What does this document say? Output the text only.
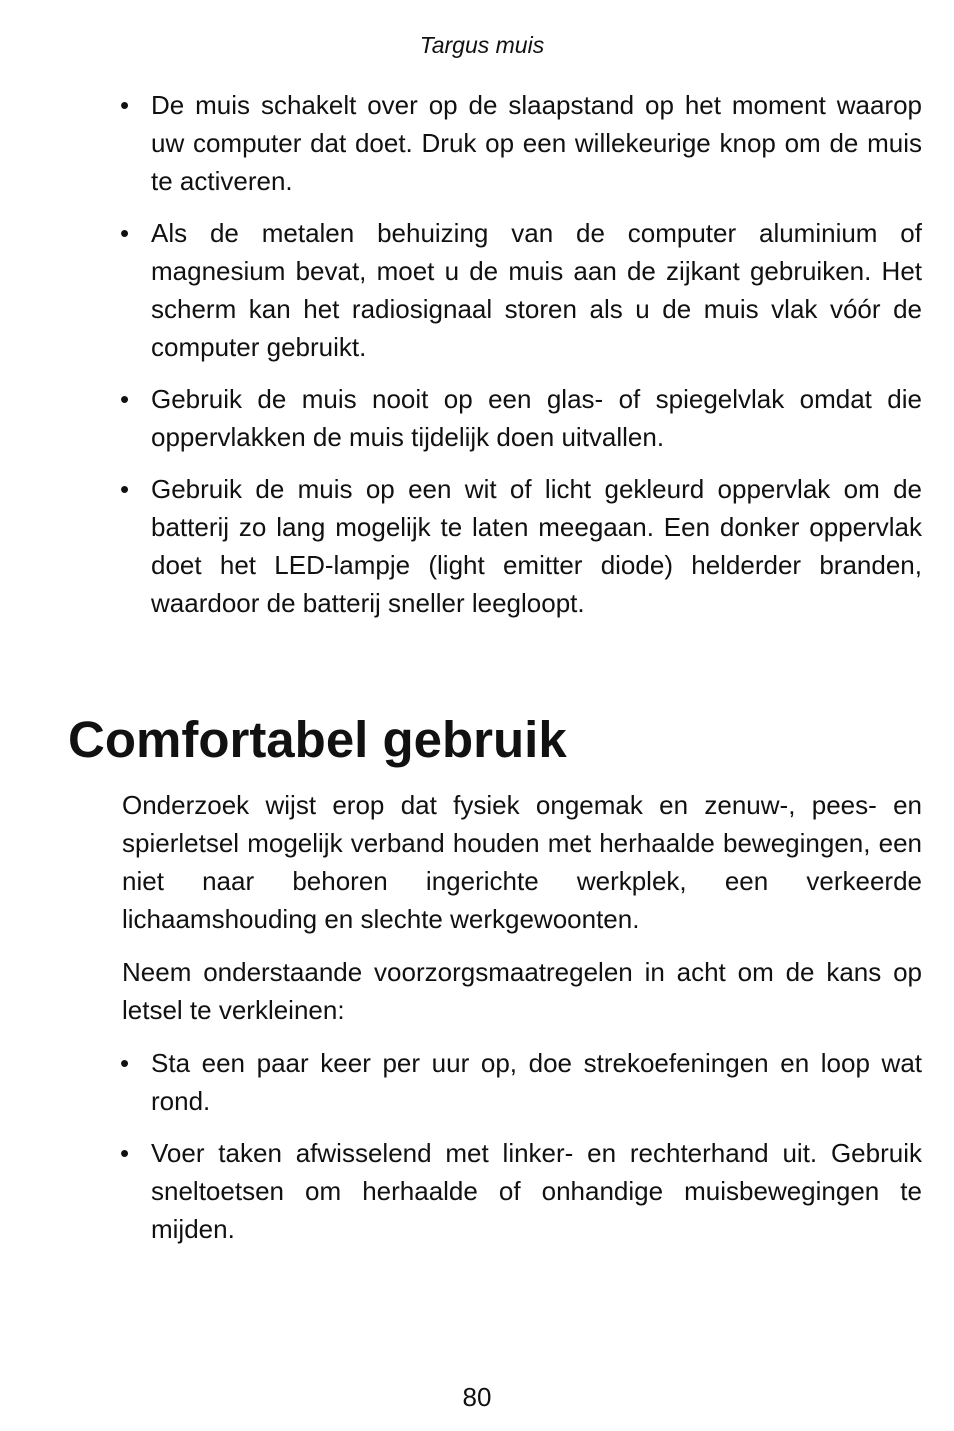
Targus muis
• De muis schakelt over op de slaapstand op het moment waarop uw computer dat doet. Druk op een willekeurige knop om de muis te activeren.
• Als de metalen behuizing van de computer aluminium of magnesium bevat, moet u de muis aan de zijkant gebruiken. Het scherm kan het radiosignaal storen als u de muis vlak vóór de computer gebruikt.
• Gebruik de muis nooit op een glas- of spiegelvlak omdat die oppervlakken de muis tijdelijk doen uitvallen.
• Gebruik de muis op een wit of licht gekleurd oppervlak om de batterij zo lang mogelijk te laten meegaan. Een donker oppervlak doet het LED-lampje (light emitter diode) helderder branden, waardoor de batterij sneller leegloopt.
Comfortabel gebruik

Onderzoek wijst erop dat fysiek ongemak en zenuw-, pees- en spierletsel mogelijk verband houden met herhaalde bewegingen, een niet naar behoren ingerichte werkplek, een verkeerde lichaamshouding en slechte werkgewoonten.

Neem onderstaande voorzorgsmaatregelen in acht om de kans op letsel te verkleinen:

• Sta een paar keer per uur op, doe strekoefeningen en loop wat rond.
• Voer taken afwisselend met linker- en rechterhand uit. Gebruik sneltoetsen om herhaalde of onhandige muisbewegingen te mijden.
80
